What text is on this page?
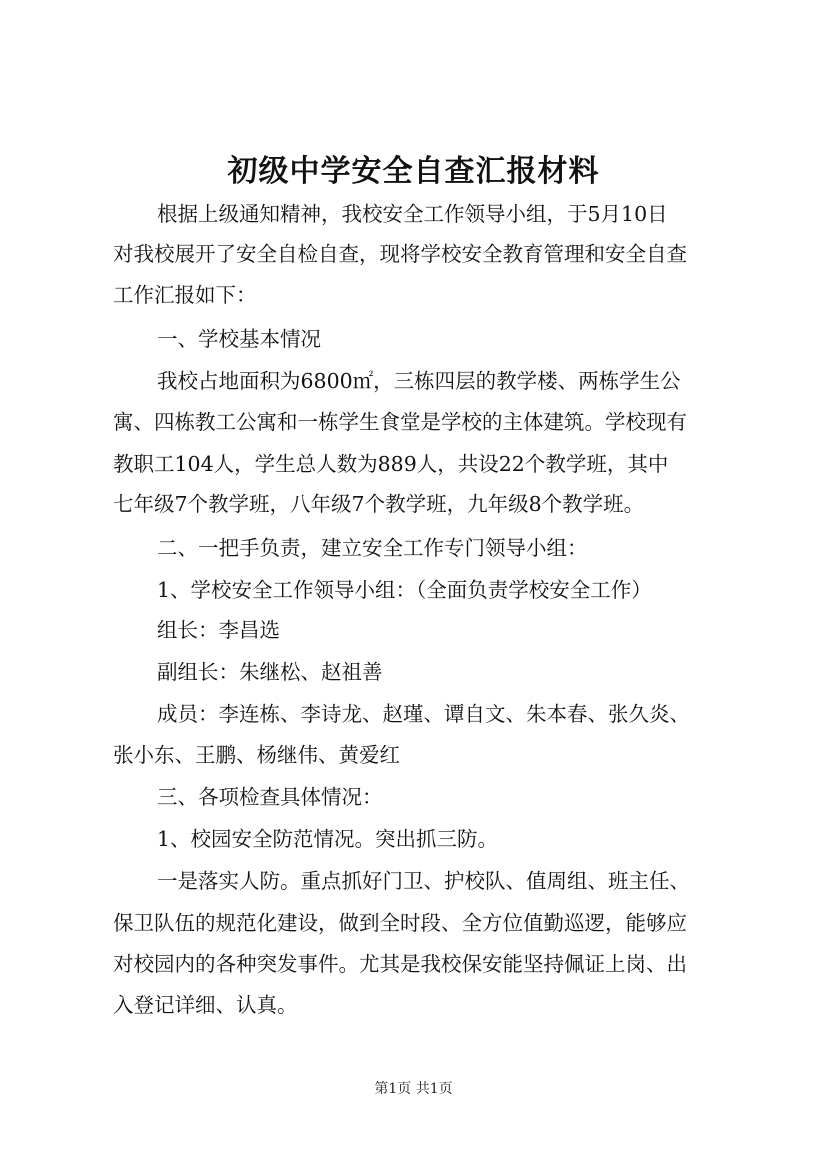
初级中学安全自查汇报材料
根据上级通知精神，我校安全工作领导小组，于5月10日
对我校展开了安全自检自查，现将学校安全教育管理和安全自查
工作汇报如下：
一、学校基本情况
我校占地面积为6800㎡，三栋四层的教学楼、两栋学生公
寓、四栋教工公寓和一栋学生食堂是学校的主体建筑。学校现有
教职工104人，学生总人数为889人，共设22个教学班，其中
七年级7个教学班，八年级7个教学班，九年级8个教学班。
二、一把手负责，建立安全工作专门领导小组：
1、学校安全工作领导小组：（全面负责学校安全工作）
组长：李昌选
副组长：朱继松、赵祖善
成员：李连栋、李诗龙、赵瑾、谭自文、朱本春、张久炎、
张小东、王鹏、杨继伟、黄爱红
三、各项检查具体情况：
1、校园安全防范情况。突出抓三防。
一是落实人防。重点抓好门卫、护校队、值周组、班主任、
保卫队伍的规范化建设，做到全时段、全方位值勤巡逻，能够应
对校园内的各种突发事件。尤其是我校保安能坚持佩证上岗、出
入登记详细、认真。
第1页 共1页
